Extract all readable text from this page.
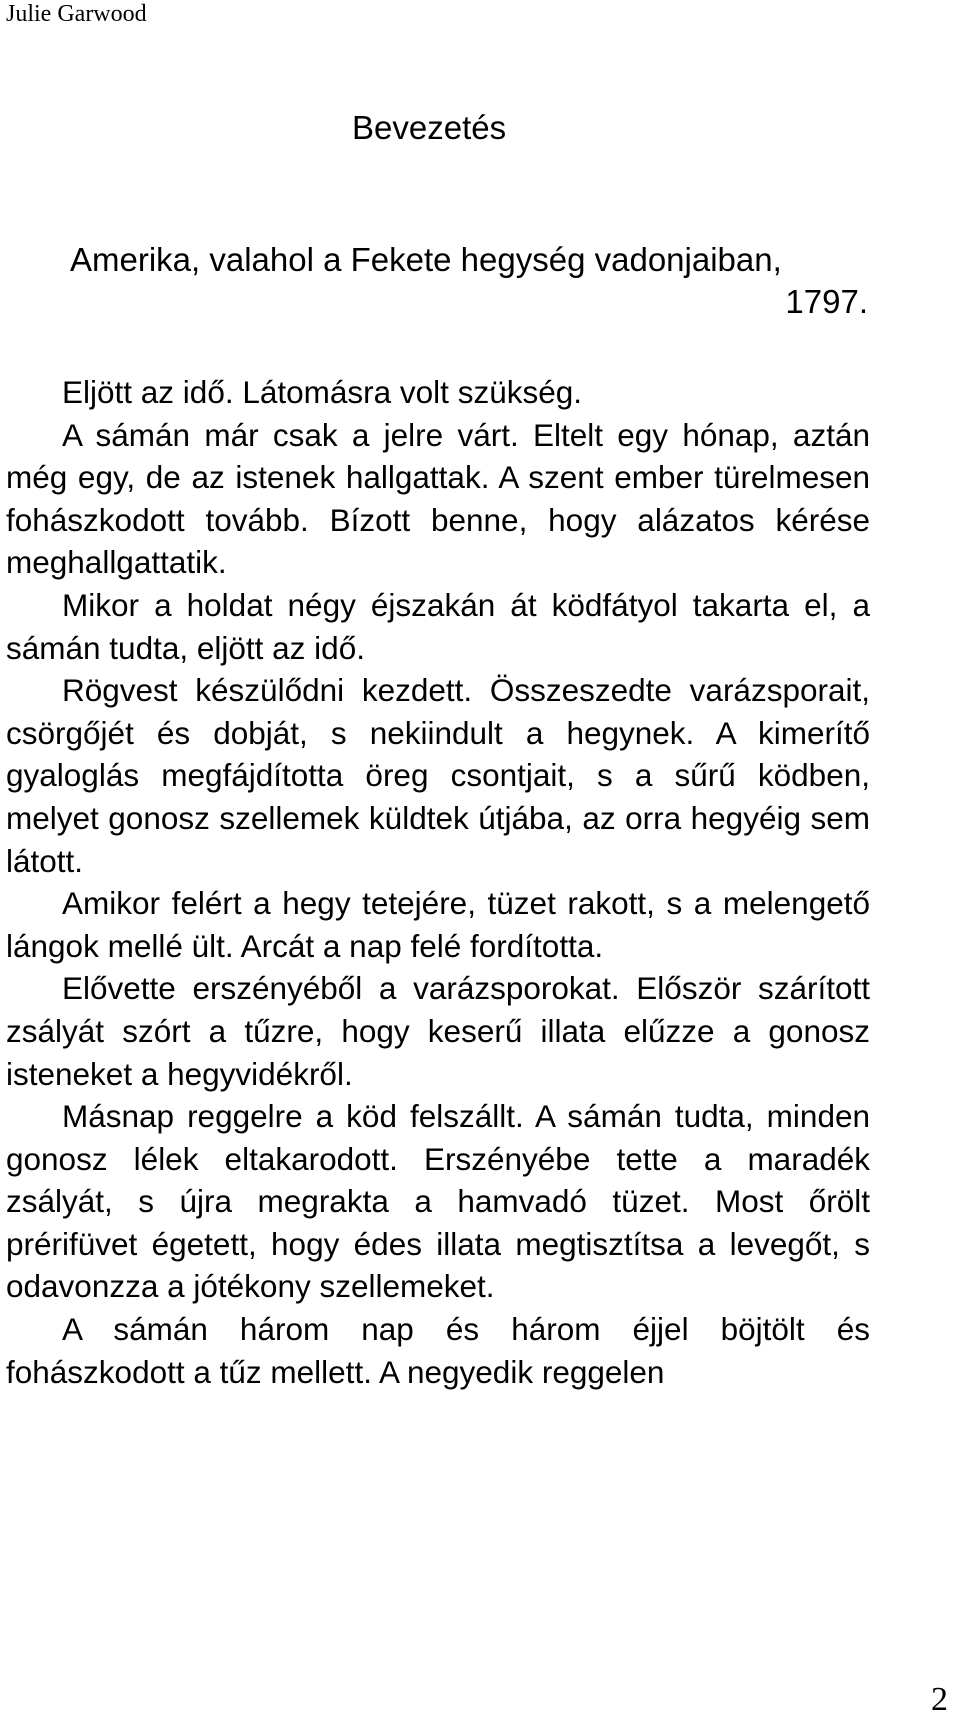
Julie Garwood
Bevezetés
Amerika, valahol a Fekete hegység vadonjaiban,
1797.

Eljött az idő. Látomásra volt szükség.

A sámán már csak a jelre várt. Eltelt egy hónap, aztán még egy, de az istenek hallgattak. A szent ember türelmesen fohászkodott tovább. Bízott benne, hogy alázatos kérése meghallgattatik.

Mikor a holdat négy éjszakán át ködfátyol takarta el, a sámán tudta, eljött az idő.

Rögvest készülődni kezdett. Összeszedte varázsporait, csörgőjét és dobját, s nekiindult a hegynek. A kimerítő gyaloglás megfájdította öreg csontjait, s a sűrű ködben, melyet gonosz szellemek küldtek útjába, az orra hegyéig sem látott.

Amikor felért a hegy tetejére, tüzet rakott, s a melengető lángok mellé ült. Arcát a nap felé fordította.

Elővette erszényéből a varázsporokat. Először szárított zsályát szórt a tűzre, hogy keserű illata elűzze a gonosz isteneket a hegyvidékről.

Másnap reggelre a köd felszállt. A sámán tudta, minden gonosz lélek eltakarodott. Erszényébe tette a maradék zsályát, s újra megrakta a hamvadó tüzet. Most őrölt prérifüvet égetett, hogy édes illata megtisztítsa a levegőt, s odavonzza a jótékony szellemeket.

A sámán három nap és három éjjel böjtölt és fohászkodott a tűz mellett. A negyedik reggelen

2
